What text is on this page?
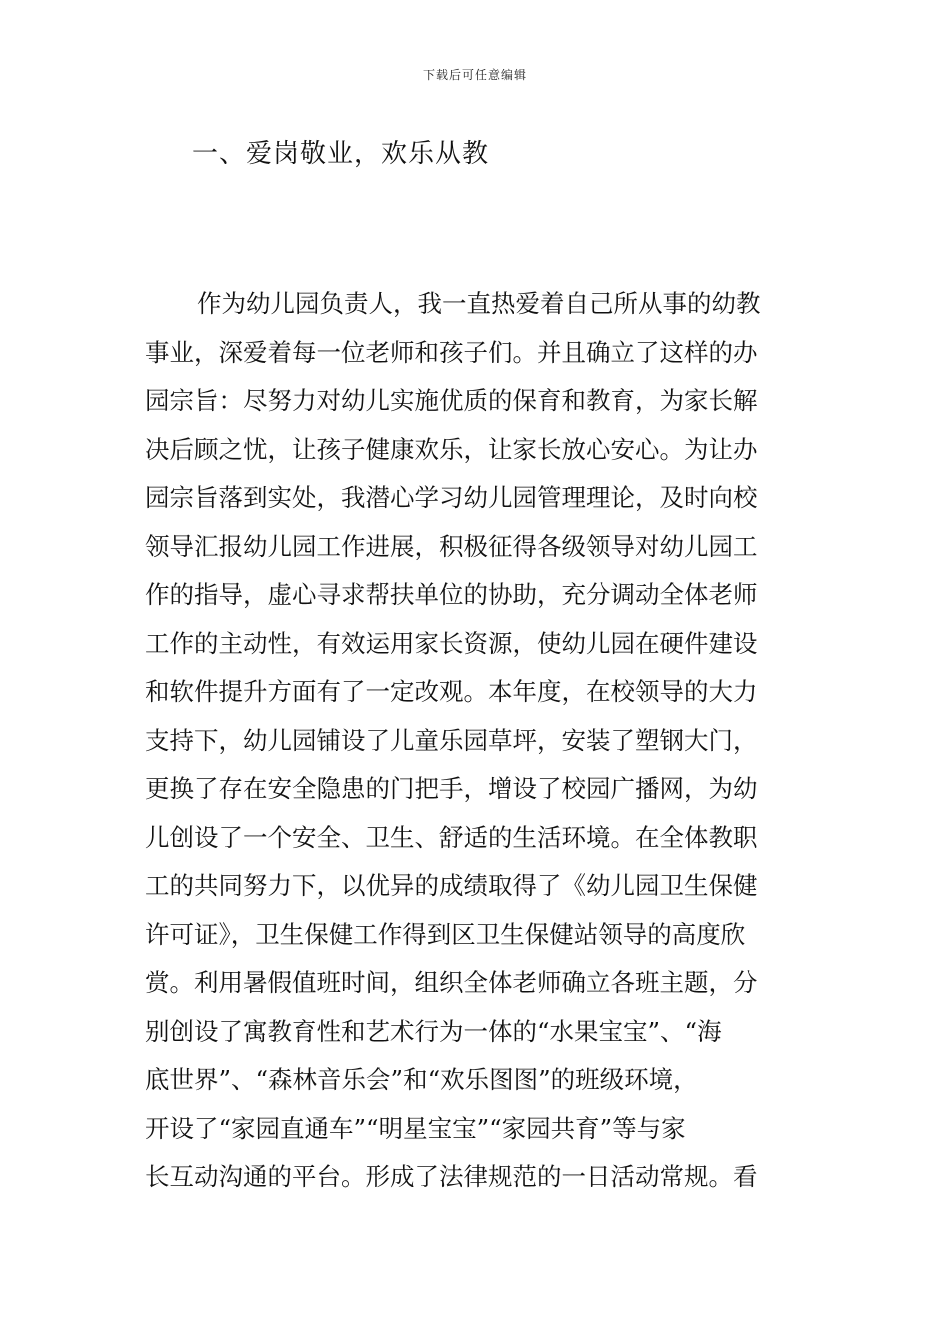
下载后可任意编辑
一、爱岗敬业，欢乐从教
作为幼儿园负责人，我一直热爱着自己所从事的幼教
事业，深爱着每一位老师和孩子们。并且确立了这样的办
园宗旨：尽努力对幼儿实施优质的保育和教育，为家长解
决后顾之忧，让孩子健康欢乐，让家长放心安心。为让办
园宗旨落到实处，我潜心学习幼儿园管理理论，及时向校
领导汇报幼儿园工作进展，积极征得各级领导对幼儿园工
作的指导，虚心寻求帮扶单位的协助，充分调动全体老师
工作的主动性，有效运用家长资源，使幼儿园在硬件建设
和软件提升方面有了一定改观。本年度，在校领导的大力
支持下，幼儿园铺设了儿童乐园草坪，安装了塑钢大门，
更换了存在安全隐患的门把手，增设了校园广播网，为幼
儿创设了一个安全、卫生、舒适的生活环境。在全体教职
工的共同努力下，以优异的成绩取得了《幼儿园卫生保健
许可证》，卫生保健工作得到区卫生保健站领导的高度欣
赏。利用暑假值班时间，组织全体老师确立各班主题，分
别创设了寓教育性和艺术行为一体的“水果宝宝”、“海
底世界”、“森林音乐会”和“欢乐图图”的班级环境，
开设了“家园直通车”“明星宝宝”“家园共育”等与家
长互动沟通的平台。形成了法律规范的一日活动常规。看
